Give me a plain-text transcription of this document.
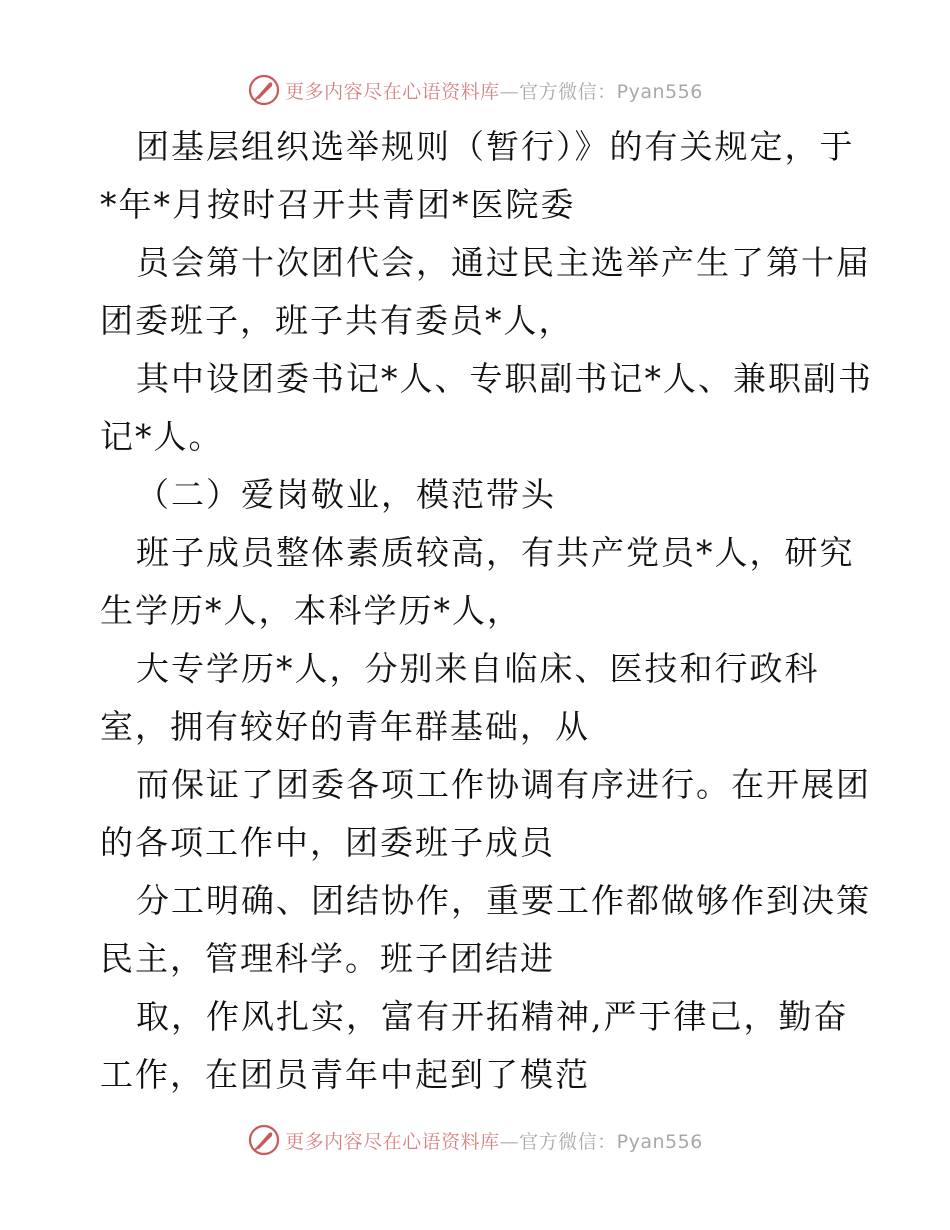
更多内容尽在心语资料库—官方微信：Pyan556
团基层组织选举规则（暂行）》的有关规定，于
*年*月按时召开共青团*医院委
员会第十次团代会，通过民主选举产生了第十届
团委班子，班子共有委员*人，
其中设团委书记*人、专职副书记*人、兼职副书
记*人。
（二）爱岗敬业，模范带头
班子成员整体素质较高，有共产党员*人，研究
生学历*人，本科学历*人，
大专学历*人，分别来自临床、医技和行政科
室，拥有较好的青年群基础，从
而保证了团委各项工作协调有序进行。在开展团
的各项工作中，团委班子成员
分工明确、团结协作，重要工作都做够作到决策
民主，管理科学。班子团结进
取，作风扎实，富有开拓精神,严于律己，勤奋
工作，在团员青年中起到了模范
更多内容尽在心语资料库—官方微信：Pyan556
